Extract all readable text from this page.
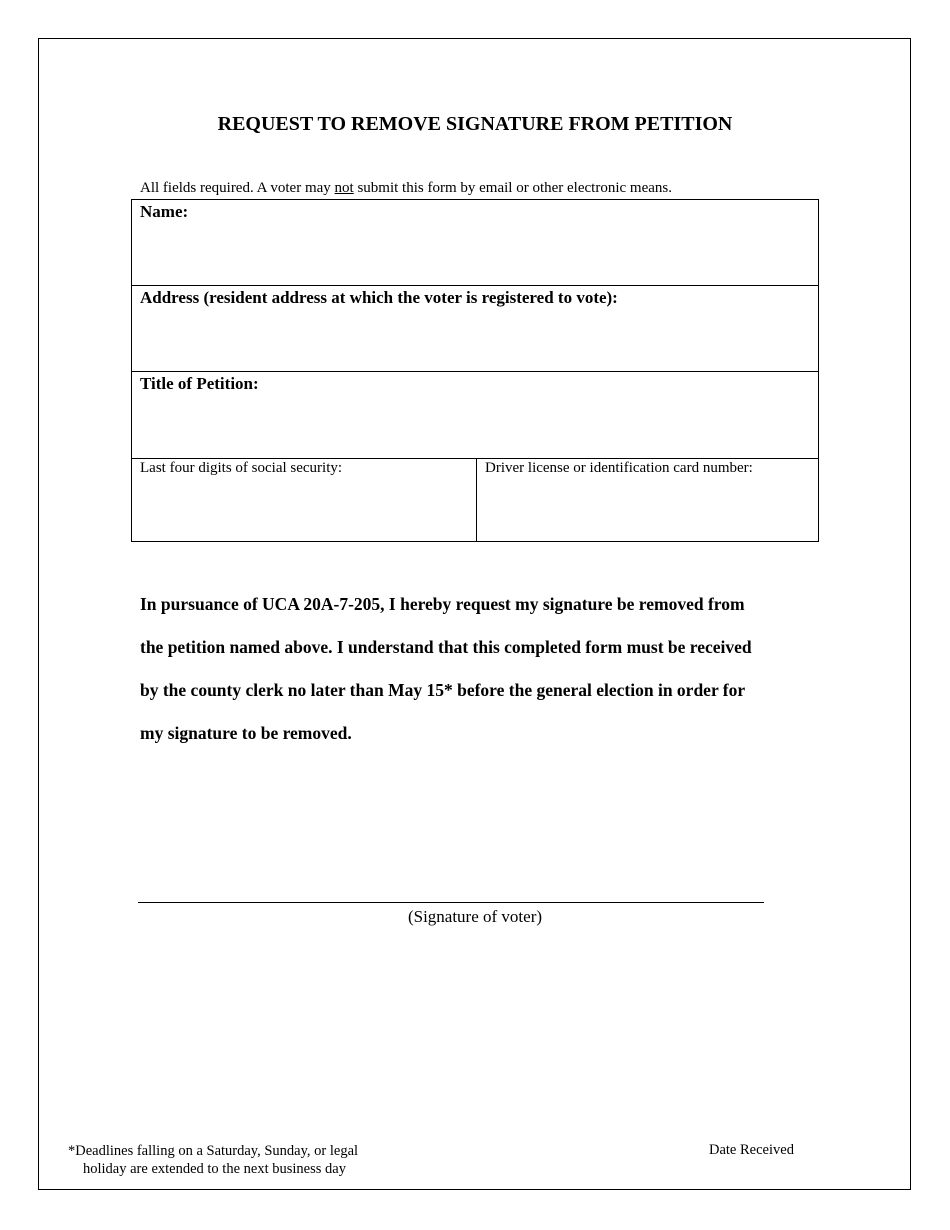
REQUEST TO REMOVE SIGNATURE FROM PETITION
All fields required. A voter may not submit this form by email or other electronic means.
Name:
Address (resident address at which the voter is registered to vote):
Title of Petition:
Last four digits of social security:	Driver license or identification card number:
In pursuance of UCA 20A-7-205, I hereby request my signature be removed from
the petition named above. I understand that this completed form must be received
by the county clerk no later than May 15* before the general election in order for
my signature to be removed.
(Signature of voter)
*Deadlines falling on a Saturday, Sunday, or legal
holiday are extended to the next business day
Date Received
